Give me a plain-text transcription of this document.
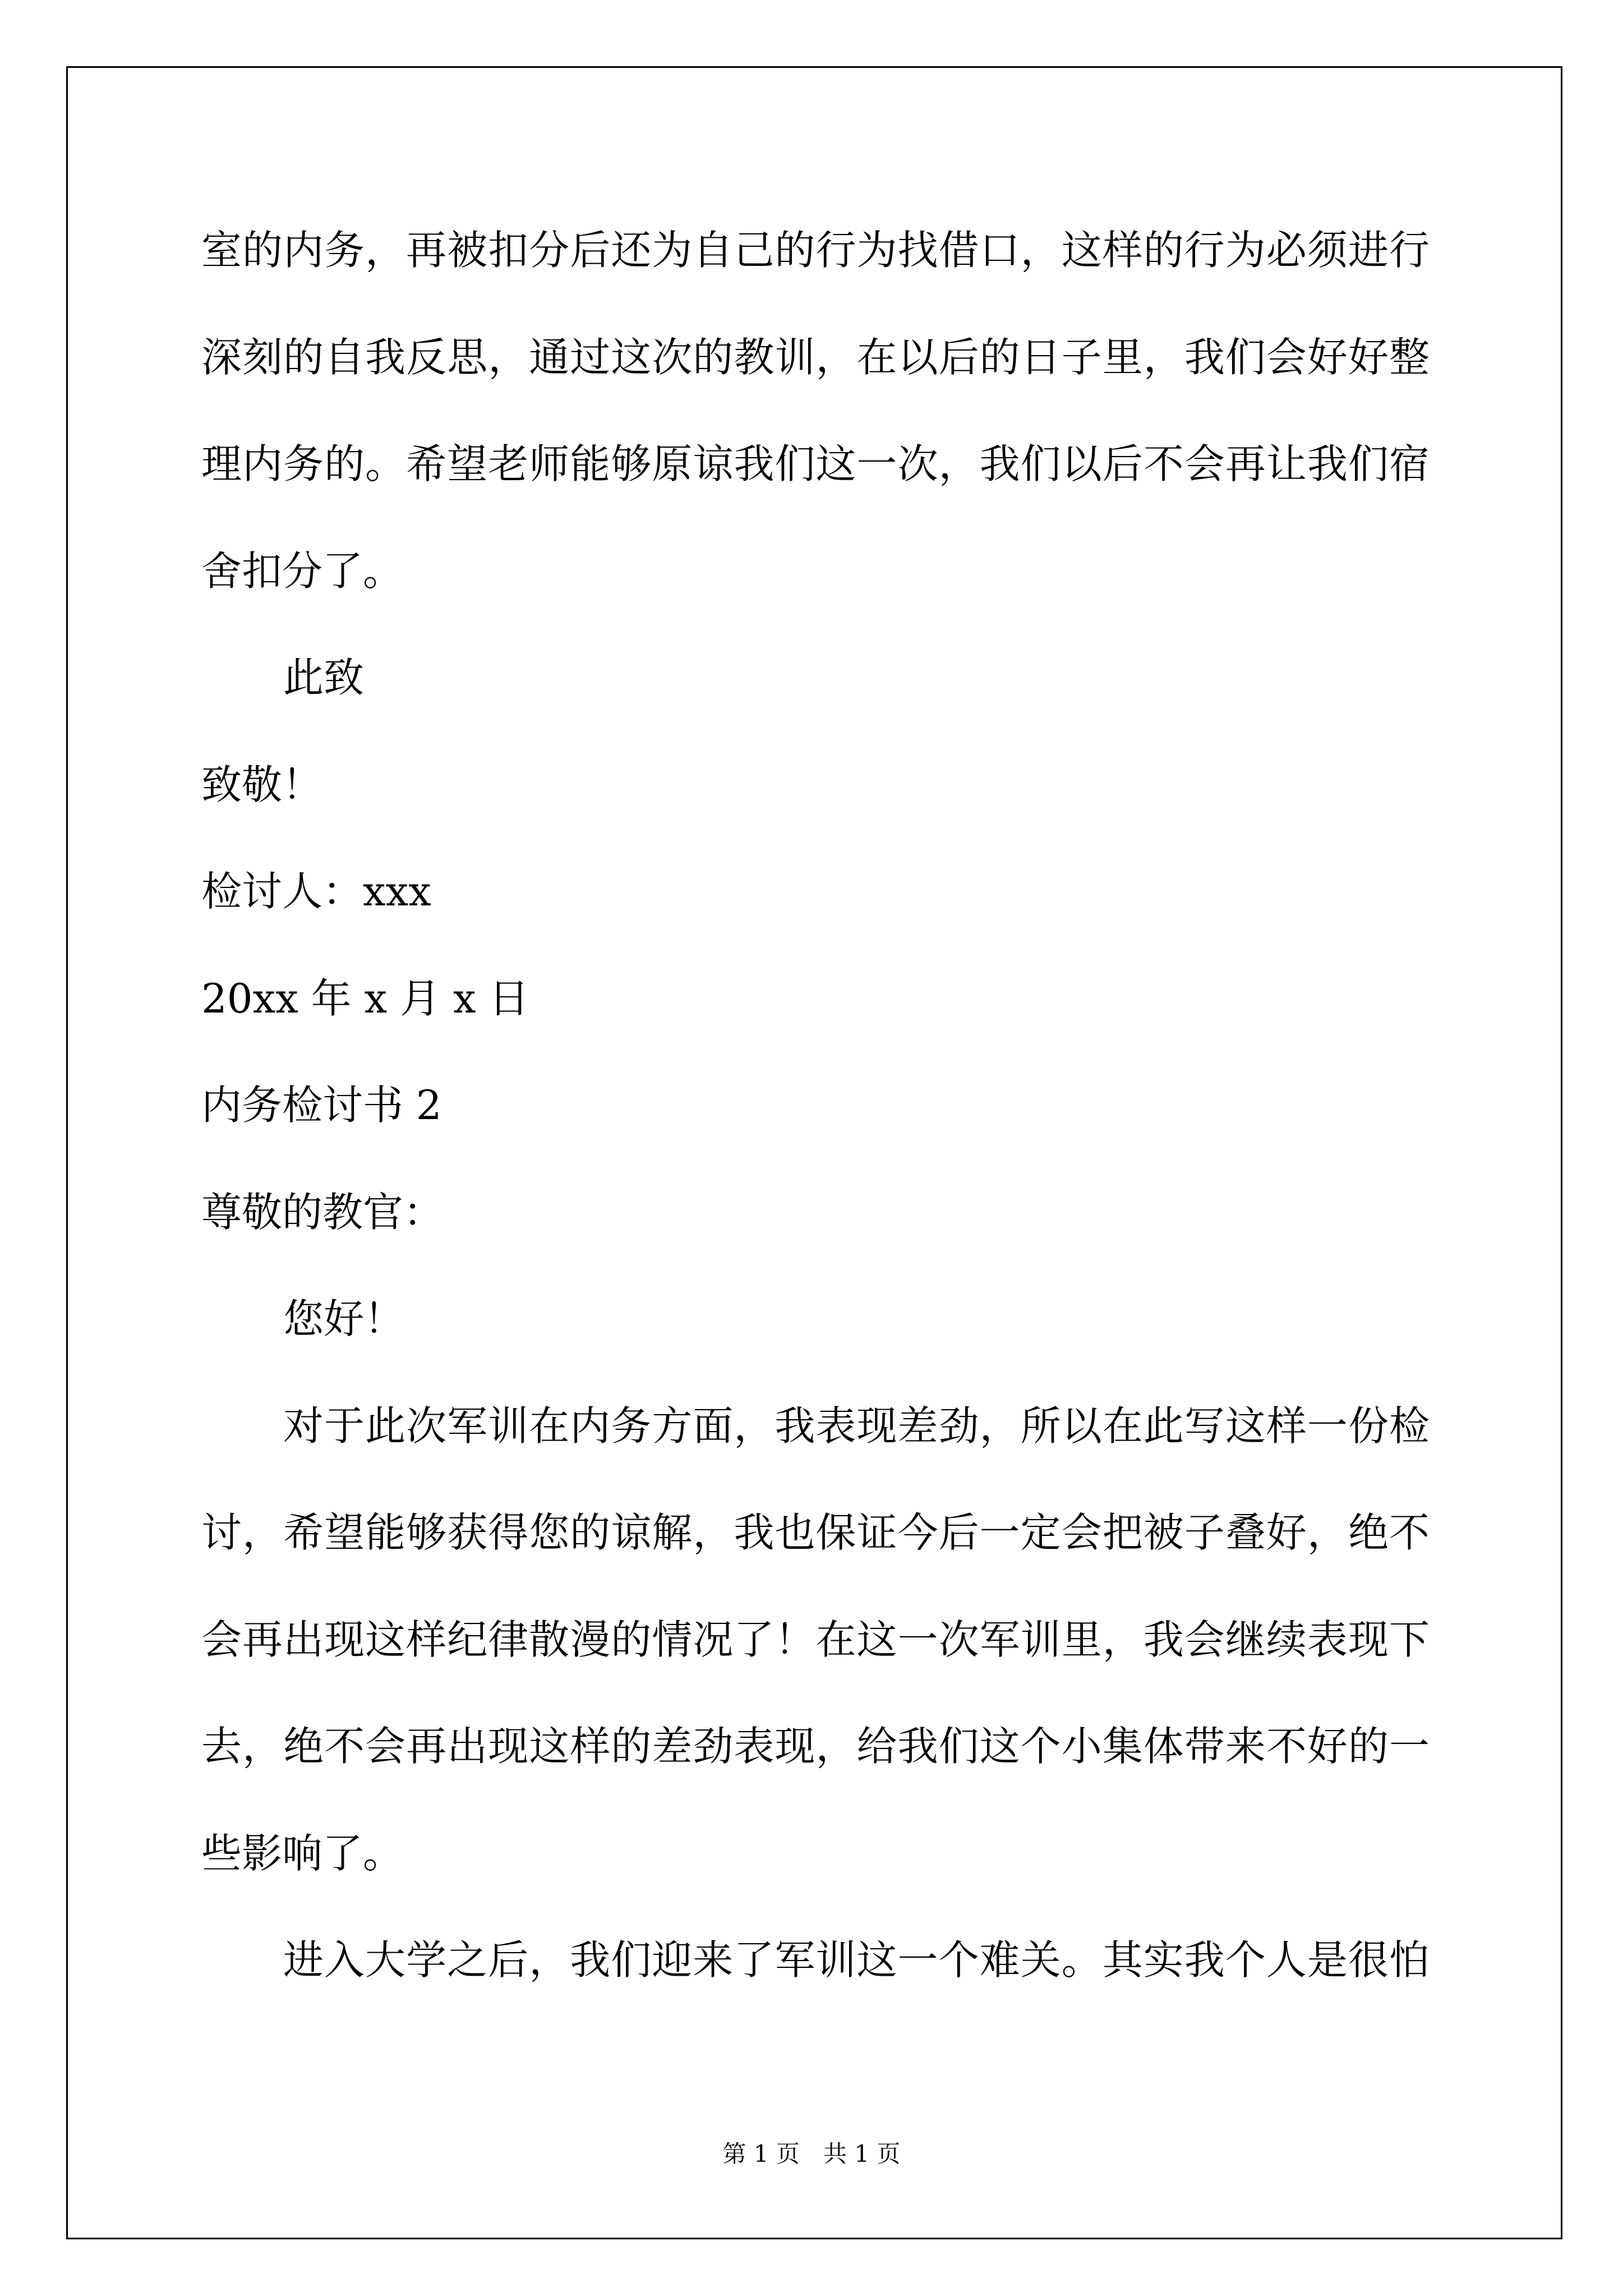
室的内务，再被扣分后还为自己的行为找借口，这样的行为必须进行
深刻的自我反思，通过这次的教训，在以后的日子里，我们会好好整
理内务的。希望老师能够原谅我们这一次，我们以后不会再让我们宿
舍扣分了。
此致
致敬！
检讨人：xxx
20xx 年 x 月 x 日
内务检讨书 2
尊敬的教官：
您好！
对于此次军训在内务方面，我表现差劲，所以在此写这样一份检
讨，希望能够获得您的谅解，我也保证今后一定会把被子叠好，绝不
会再出现这样纪律散漫的情况了！在这一次军训里，我会继续表现下
去，绝不会再出现这样的差劲表现，给我们这个小集体带来不好的一
些影响了。
进入大学之后，我们迎来了军训这一个难关。其实我个人是很怕
第 1 页　共 1 页
